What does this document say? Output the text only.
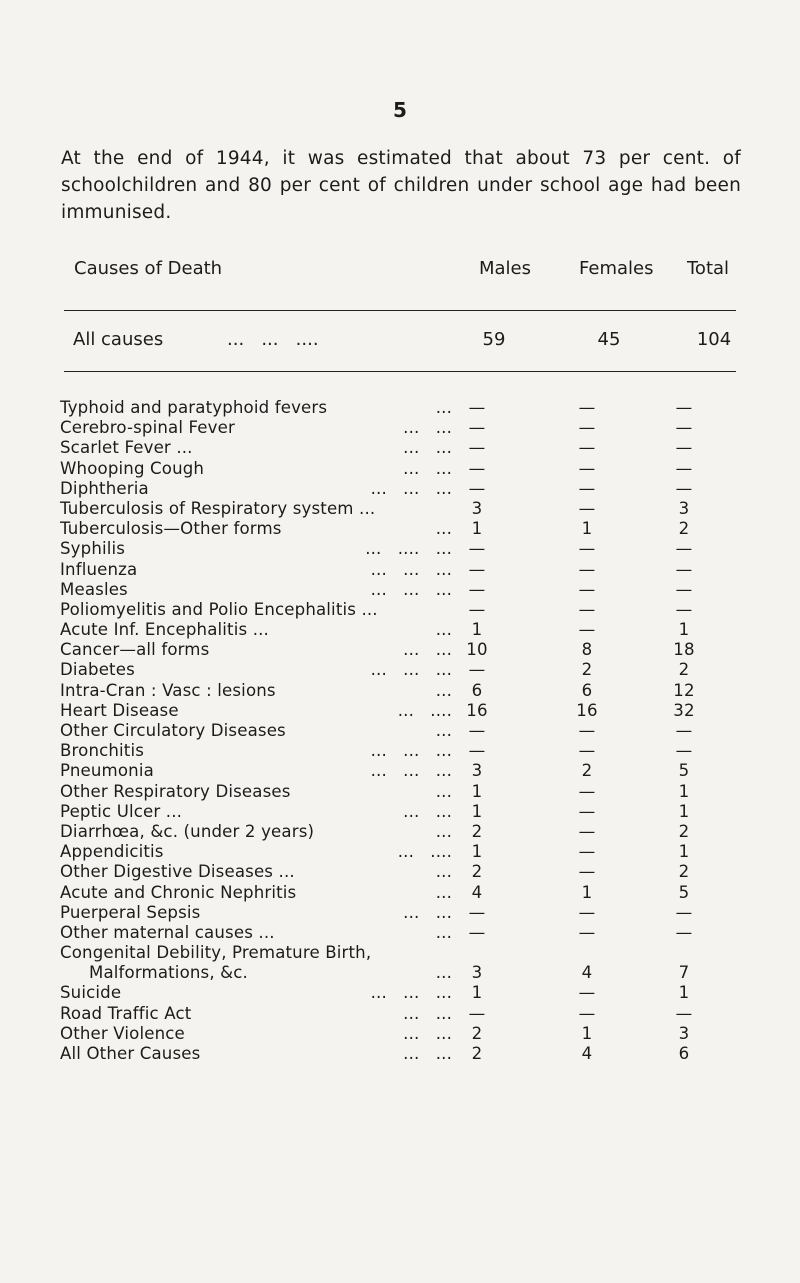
5
At the end of 1944, it was estimated that about 73 per cent. of schoolchildren and 80 per cent of children under school age had been immunised.
Causes of Death	Males	Females Total
All causes	...   ...   ....	59	45	104
Typhoid and paratyphoid fevers	...	—	—	—
Cerebro-spinal Fever	...   ...	—	—	—
Scarlet Fever ...	...   ...	—	—	—
Whooping Cough	...   ...	—	—	—
Diphtheria	...   ...   ...	—	—	—
Tuberculosis of Respiratory system ...	3	—	3
Tuberculosis—Other forms	...	1	1	2
Syphilis	...   ....   ...	—	—	—
Influenza	...   ...   ...	—	—	—
Measles	...   ...   ...	—	—	—
Poliomyelitis and Polio Encephalitis ...	—	—	—
Acute Inf. Encephalitis ...	...	1	—	1
Cancer—all forms	...   ... 10	8	18
Diabetes	...   ...   ...	—	2	2
Intra-Cran : Vasc : lesions	...	6	6	12
Heart Disease	...   .... 16	16	32
Other Circulatory Diseases	...	—	—	—
Bronchitis	...   ...   ...	—	—	—
Pneumonia	...   ...   ...	3	2	5
Other Respiratory Diseases	...	1	—	1
Peptic Ulcer ...	...   ...	1	—	1
Diarrhœa, &c. (under 2 years)	...	2	—	2
Appendicitis	...   ....	1	—	1
Other Digestive Diseases ...	...	2	—	2
Acute and Chronic Nephritis	...	4	1	5
Puerperal Sepsis	...   ...	—	—	—
Other maternal causes ...	...	—	—	—
Congenital Debility, Premature Birth,
Malformations, &c.	...	3	4	7
Suicide	...   ...   ...	1	—	1
Road Traffic Act	...   ...	—	—	—
Other Violence	...   ...	2	1	3
All Other Causes	...   ...	2	4	6
